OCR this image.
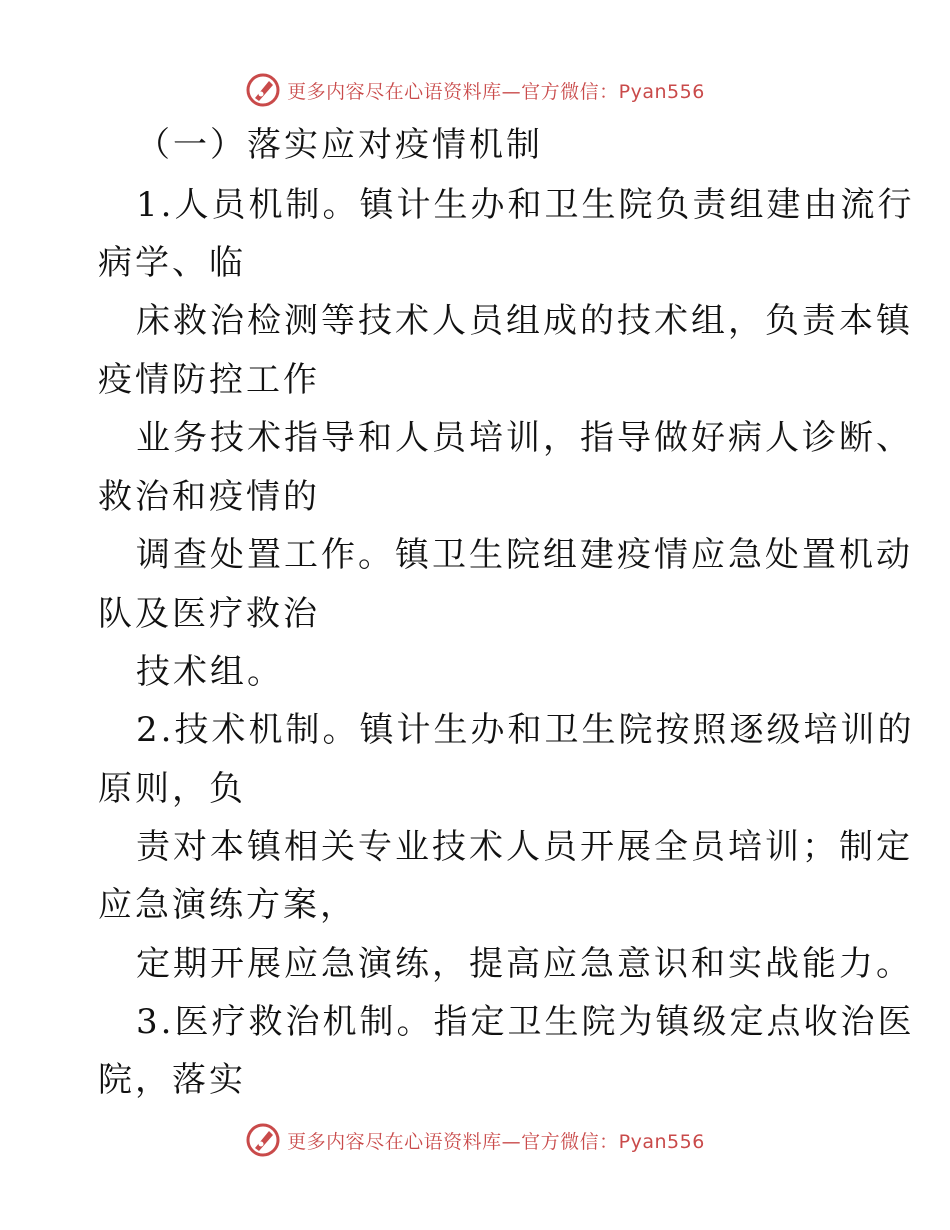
更多内容尽在心语资料库—官方微信：Pyan556
（一）落实应对疫情机制
1.人员机制。镇计生办和卫生院负责组建由流行
病学、临
床救治检测等技术人员组成的技术组，负责本镇
疫情防控工作
业务技术指导和人员培训，指导做好病人诊断、
救治和疫情的
调查处置工作。镇卫生院组建疫情应急处置机动
队及医疗救治
技术组。
2.技术机制。镇计生办和卫生院按照逐级培训的
原则，负
责对本镇相关专业技术人员开展全员培训；制定
应急演练方案，
定期开展应急演练，提高应急意识和实战能力。
3.医疗救治机制。指定卫生院为镇级定点收治医
院，落实
更多内容尽在心语资料库—官方微信：Pyan556
